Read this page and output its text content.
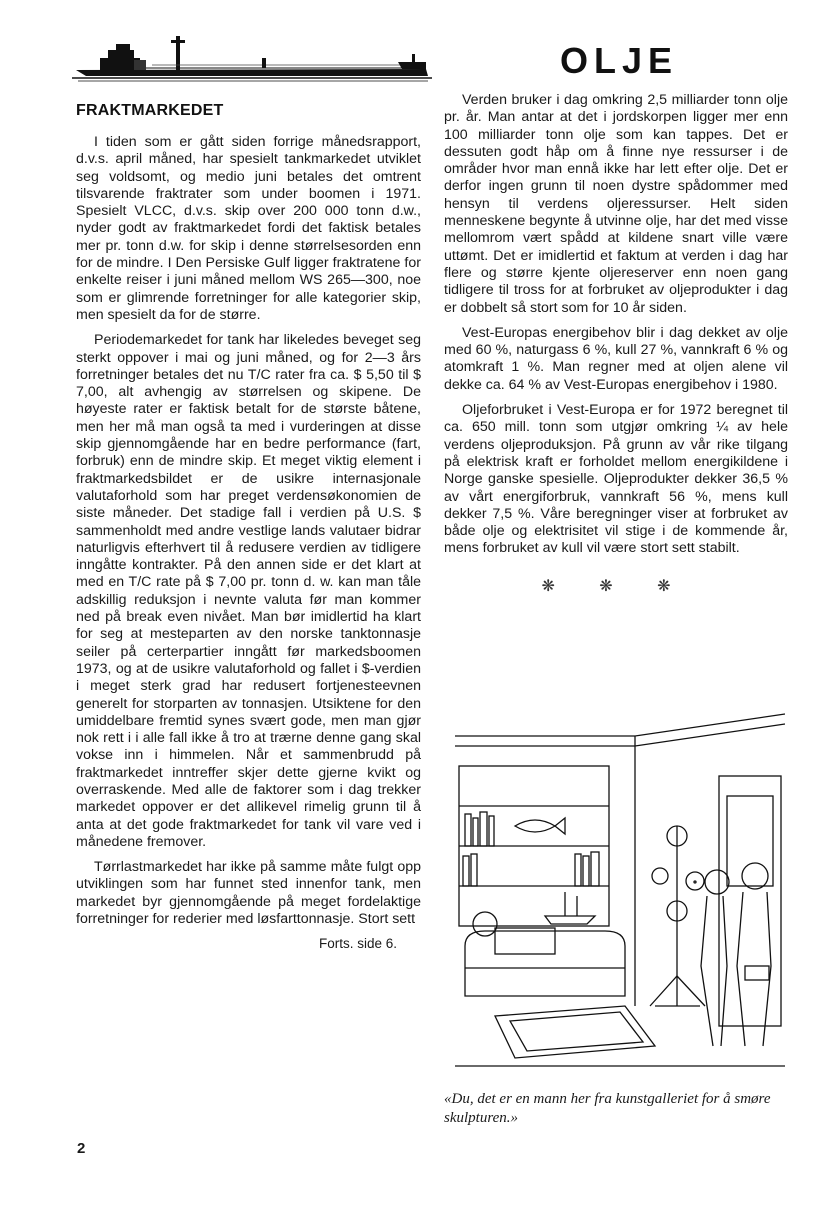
OLJE
FRAKTMARKEDET

I tiden som er gått siden forrige månedsrapport, d.v.s. april måned, har spesielt tankmarkedet utviklet seg voldsomt, og medio juni betales det omtrent tilsvarende fraktrater som under boomen i 1971. Spesielt VLCC, d.v.s. skip over 200 000 tonn d.w., nyder godt av fraktmarkedet fordi det faktisk betales mer pr. tonn d.w. for skip i denne størrelsesorden enn for de mindre. I Den Persiske Gulf ligger fraktratene for enkelte reiser i juni måned mellom WS 265—300, noe som er glimrende forretninger for alle kategorier skip, men spesielt da for de større.

Periodemarkedet for tank har likeledes beveget seg sterkt oppover i mai og juni måned, og for 2—3 års forretninger betales det nu T/C rater fra ca. $ 5,50 til $ 7,00, alt avhengig av størrelsen og skipene. De høyeste rater er faktisk betalt for de største båtene, men her må man også ta med i vurderingen at disse skip gjennomgående har en bedre performance (fart, forbruk) enn de mindre skip. Et meget viktig element i fraktmarkedsbildet er de usikre internasjonale valutaforhold som har preget verdensøkonomien de siste måneder. Det stadige fall i verdien på U.S. $ sammenholdt med andre vestlige lands valutaer bidrar naturligvis efterhvert til å redusere verdien av tidligere inngåtte kontrakter. På den annen side er det klart at med en T/C rate på $ 7,00 pr. tonn d. w. kan man tåle adskillig reduksjon i nevnte valuta før man kommer ned på break even nivået. Man bør imidlertid ha klart for seg at mesteparten av den norske tanktonnasje seiler på certerpartier inngått før markedsboomen 1973, og at de usikre valutaforhold og fallet i $-verdien i meget sterk grad har redusert fortjenesteevnen generelt for storparten av tonnasjen. Utsiktene for den umiddelbare fremtid synes svært gode, men man gjør nok rett i i alle fall ikke å tro at trærne denne gang skal vokse inn i himmelen. Når et sammenbrudd på fraktmarkedet inntreffer skjer dette gjerne kvikt og overraskende. Med alle de faktorer som i dag trekker markedet oppover er det allikevel rimelig grunn til å anta at det gode fraktmarkedet for tank vil vare ved i månedene fremover.

Tørrlastmarkedet har ikke på samme måte fulgt opp utviklingen som har funnet sted innenfor tank, men markedet byr gjennomgående på meget fordelaktige forretninger for rederier med løsfarttonnasje. Stort sett

Forts. side 6.

Verden bruker i dag omkring 2,5 milliarder tonn olje pr. år. Man antar at det i jordskorpen ligger mer enn 100 milliarder tonn olje som kan tappes. Det er dessuten godt håp om å finne nye ressurser i de områder hvor man ennå ikke har lett efter olje. Det er derfor ingen grunn til noen dystre spådommer med hensyn til verdens oljeressurser. Helt siden menneskene begynte å utvinne olje, har det med visse mellomrom vært spådd at kildene snart ville være uttømt. Det er imidlertid et faktum at verden i dag har flere og større kjente oljereserver enn noen gang tidligere til tross for at forbruket av oljeprodukter i dag er dobbelt så stort som for 10 år siden.

Vest-Europas energibehov blir i dag dekket av olje med 60 %, naturgass 6 %, kull 27 %, vannkraft 6 % og atomkraft 1 %. Man regner med at oljen alene vil dekke ca. 64 % av Vest-Europas energibehov i 1980.

Oljeforbruket i Vest-Europa er for 1972 beregnet til ca. 650 mill. tonn som utgjør omkring ¼ av hele verdens oljeproduksjon. På grunn av vår rike tilgang på elektrisk kraft er forholdet mellom energikildene i Norge ganske spesielle. Oljeprodukter dekker 36,5 % av vårt energiforbruk, vannkraft 56 %, mens kull dekker 7,5 %. Våre beregninger viser at forbruket av både olje og elektrisitet vil stige i de kommende år, mens forbruket av kull vil være stort sett stabilt.

❋ ❋ ❋
«Du, det er en mann her fra kunstgalleriet for å smøre skulpturen.»
2
